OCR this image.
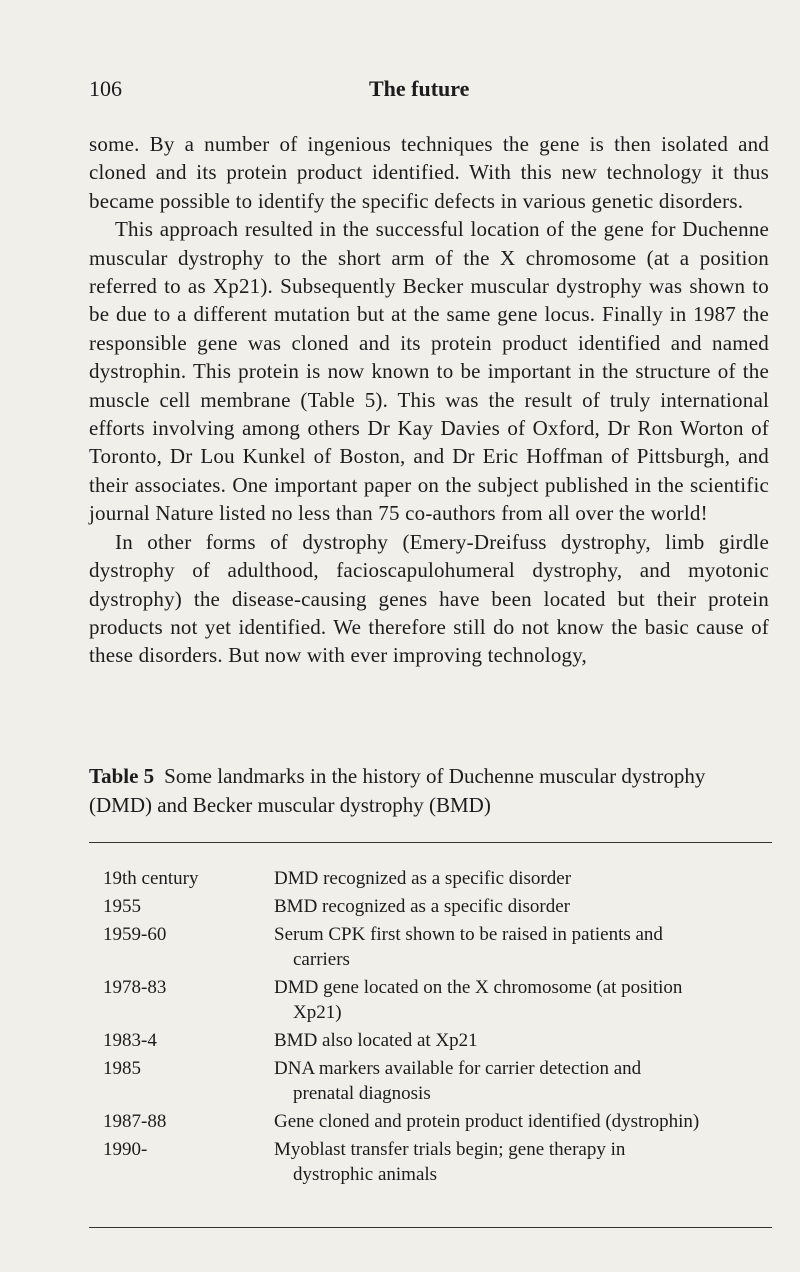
106	The future

some. By a number of ingenious techniques the gene is then isolated and cloned and its protein product identified. With this new technology it thus became possible to identify the specific defects in various genetic disorders.

This approach resulted in the successful location of the gene for Duchenne muscular dystrophy to the short arm of the X chromosome (at a position referred to as Xp21). Subsequently Becker muscular dystrophy was shown to be due to a different mutation but at the same gene locus. Finally in 1987 the responsible gene was cloned and its protein product identified and named dystrophin. This protein is now known to be important in the structure of the muscle cell membrane (Table 5). This was the result of truly international efforts involving among others Dr Kay Davies of Oxford, Dr Ron Worton of Toronto, Dr Lou Kunkel of Boston, and Dr Eric Hoffman of Pittsburgh, and their associates. One important paper on the subject published in the scientific journal Nature listed no less than 75 co-authors from all over the world!

In other forms of dystrophy (Emery-Dreifuss dystrophy, limb girdle dystrophy of adulthood, facioscapulohumeral dystrophy, and myotonic dystrophy) the disease-causing genes have been located but their protein products not yet identified. We therefore still do not know the basic cause of these disorders. But now with ever improving technology,

Table 5 Some landmarks in the history of Duchenne muscular dystrophy (DMD) and Becker muscular dystrophy (BMD)
19th century	DMD recognized as a specific disorder
1955	BMD recognized as a specific disorder
1959-60	Serum CPK first shown to be raised in patients and
carriers
1978-83	DMD gene located on the X chromosome (at position
Xp21)
1983-4	BMD also located at Xp21
1985	DNA markers available for carrier detection and
prenatal diagnosis
1987-88	Gene cloned and protein product identified (dystrophin)
1990-	Myoblast transfer trials begin; gene therapy in
dystrophic animals
